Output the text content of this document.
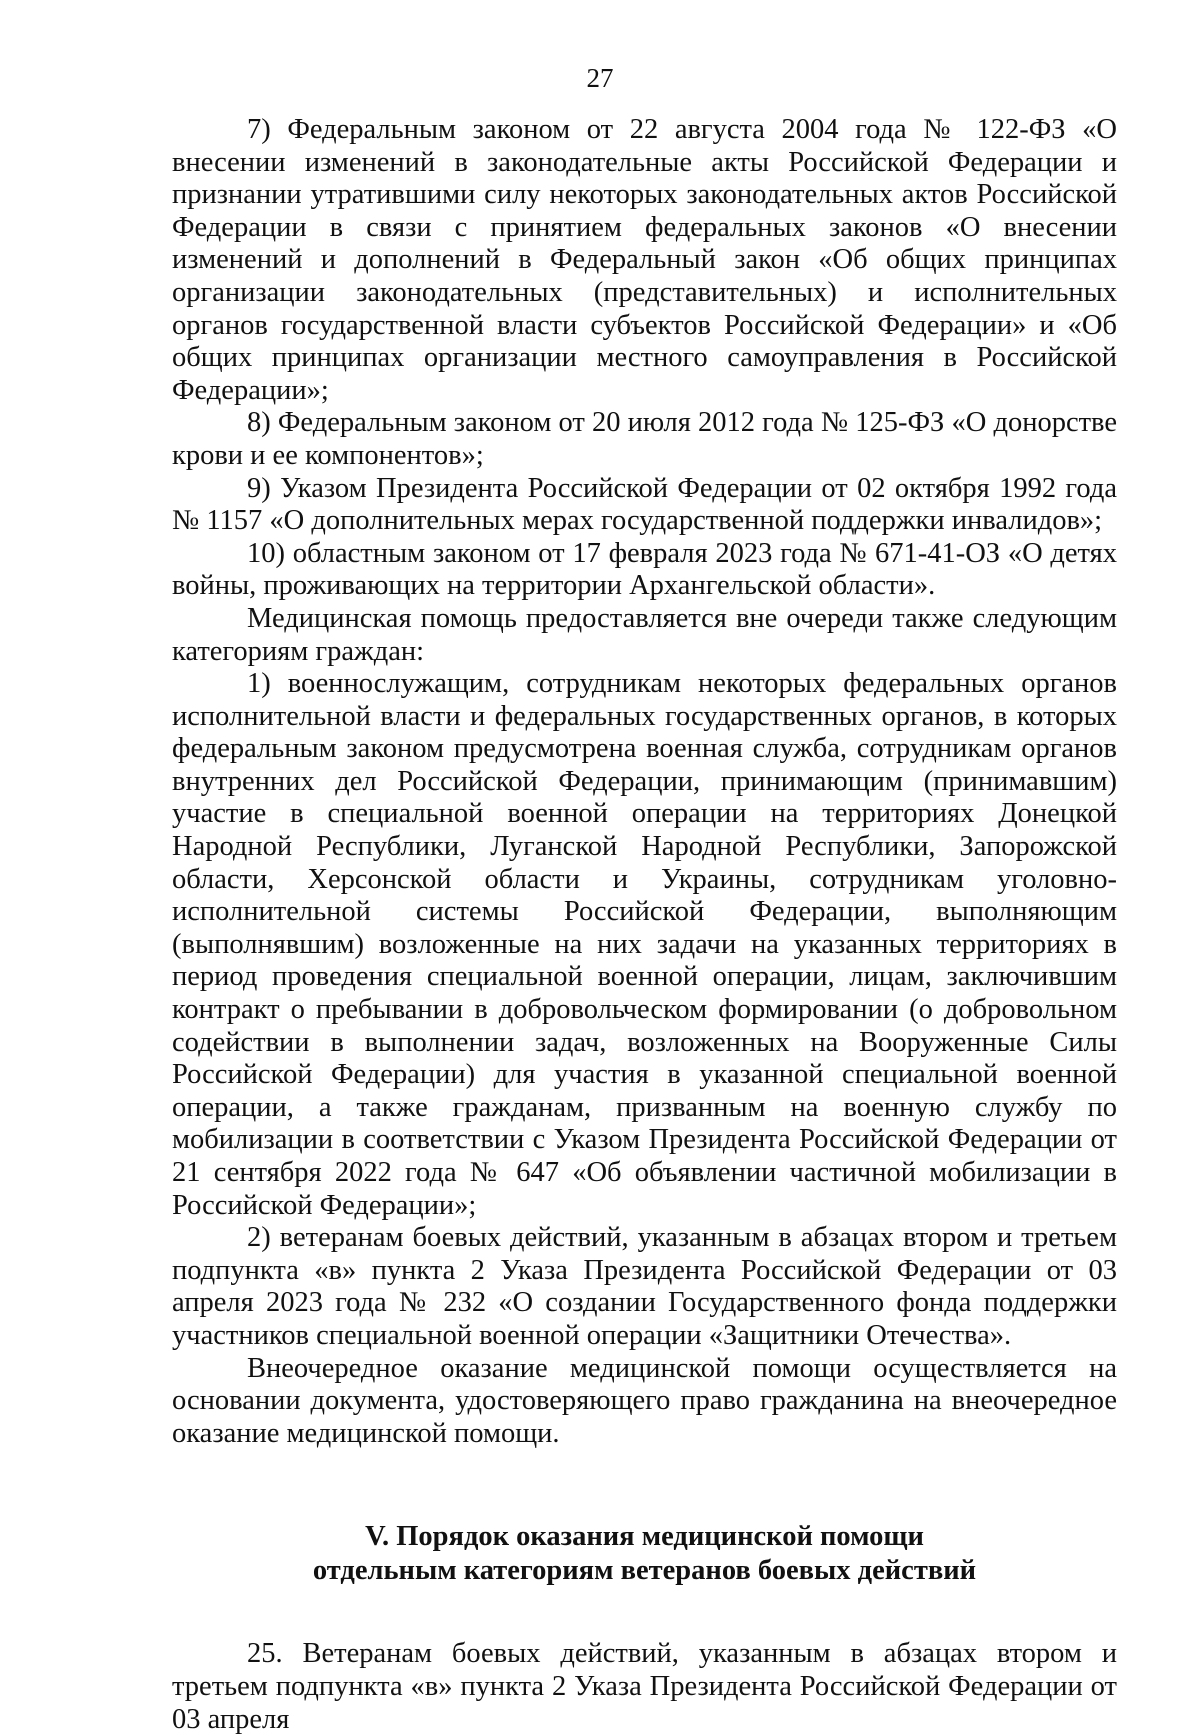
27

7) Федеральным законом от 22 августа 2004 года № 122-ФЗ «О внесении изменений в законодательные акты Российской Федерации и признании утратившими силу некоторых законодательных актов Российской Федерации в связи с принятием федеральных законов «О внесении изменений и дополнений в Федеральный закон «Об общих принципах организации законодательных (представительных) и исполнительных органов государственной власти субъектов Российской Федерации» и «Об общих принципах организации местного самоуправления в Российской Федерации»;

8) Федеральным законом от 20 июля 2012 года № 125-ФЗ «О донорстве крови и ее компонентов»;

9) Указом Президента Российской Федерации от 02 октября 1992 года № 1157 «О дополнительных мерах государственной поддержки инвалидов»;

10) областным законом от 17 февраля 2023 года № 671-41-ОЗ «О детях войны, проживающих на территории Архангельской области».

Медицинская помощь предоставляется вне очереди также следующим категориям граждан:

1) военнослужащим, сотрудникам некоторых федеральных органов исполнительной власти и федеральных государственных органов, в которых федеральным законом предусмотрена военная служба, сотрудникам органов внутренних дел Российской Федерации, принимающим (принимавшим) участие в специальной военной операции на территориях Донецкой Народной Республики, Луганской Народной Республики, Запорожской области, Херсонской области и Украины, сотрудникам уголовно-исполнительной системы Российской Федерации, выполняющим (выполнявшим) возложенные на них задачи на указанных территориях в период проведения специальной военной операции, лицам, заключившим контракт о пребывании в добровольческом формировании (о добровольном содействии в выполнении задач, возложенных на Вооруженные Силы Российской Федерации) для участия в указанной специальной военной операции, а также гражданам, призванным на военную службу по мобилизации в соответствии с Указом Президента Российской Федерации от 21 сентября 2022 года № 647 «Об объявлении частичной мобилизации в Российской Федерации»;

2) ветеранам боевых действий, указанным в абзацах втором и третьем подпункта «в» пункта 2 Указа Президента Российской Федерации от 03 апреля 2023 года № 232 «О создании Государственного фонда поддержки участников специальной военной операции «Защитники Отечества».

Внеочередное оказание медицинской помощи осуществляется на основании документа, удостоверяющего право гражданина на внеочередное оказание медицинской помощи.

V. Порядок оказания медицинской помощи
отдельным категориям ветеранов боевых действий

25. Ветеранам боевых действий, указанным в абзацах втором и третьем подпункта «в» пункта 2 Указа Президента Российской Федерации от 03 апреля
